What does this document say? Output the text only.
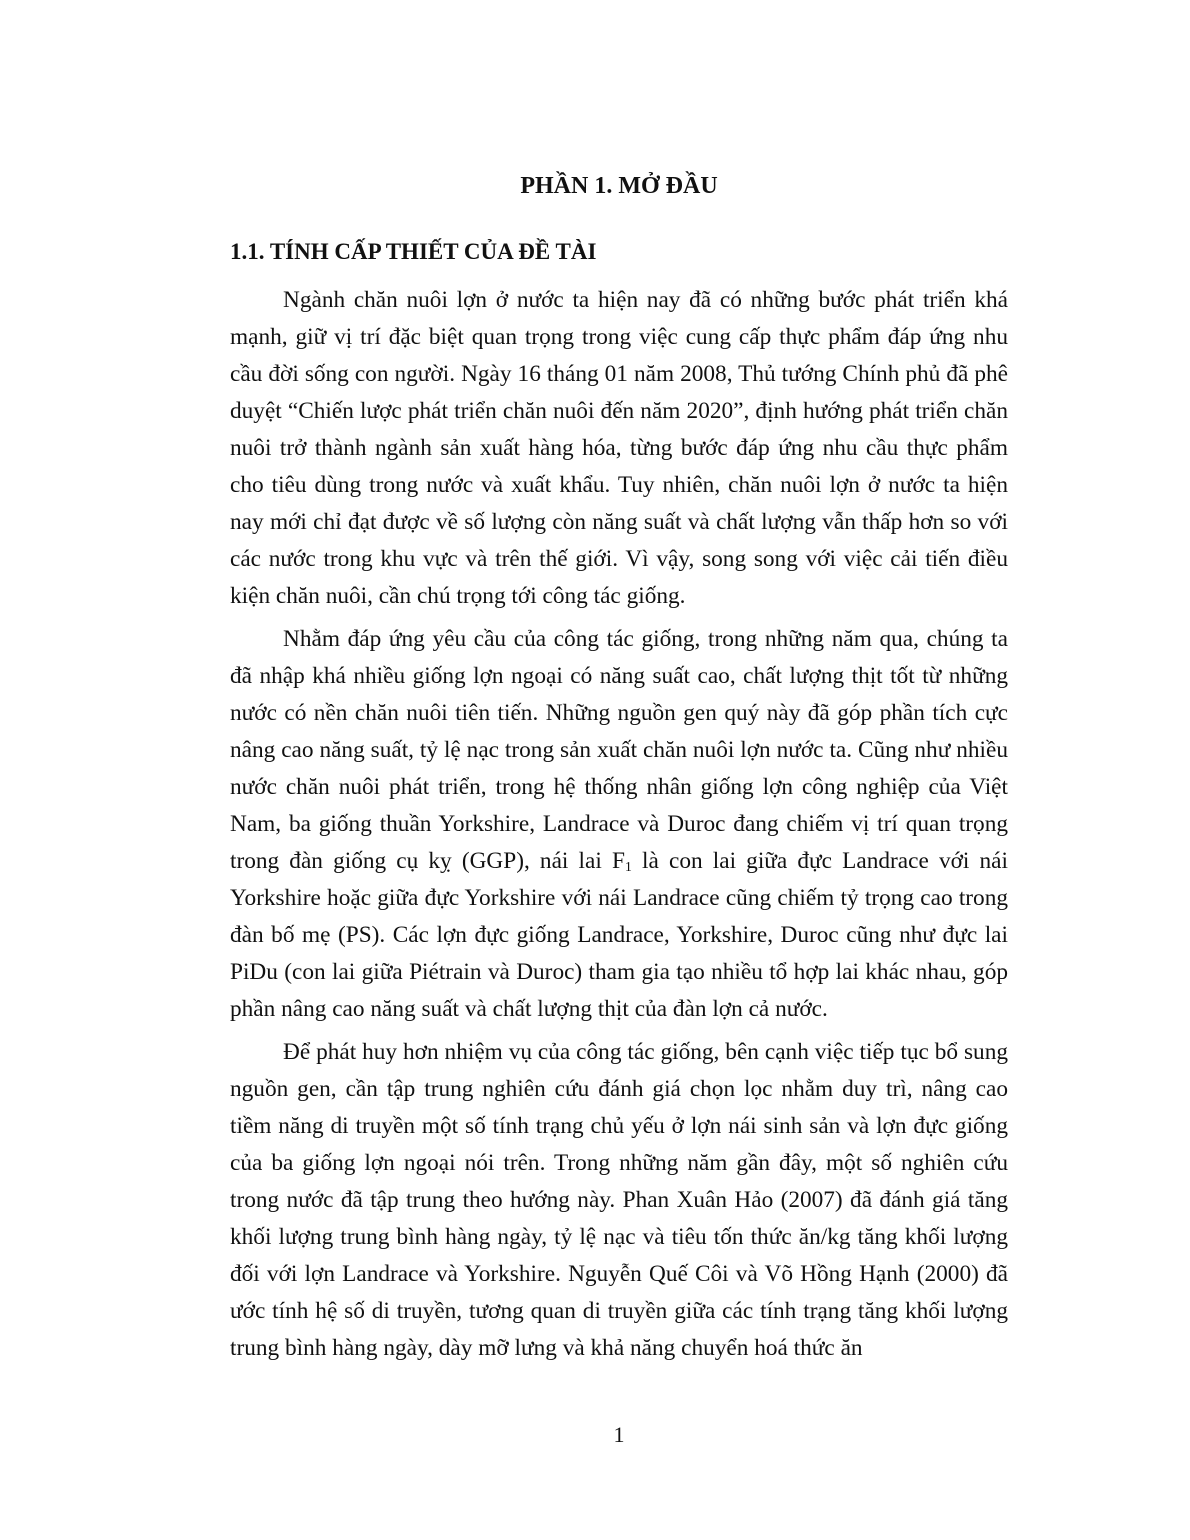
PHẦN 1. MỞ ĐẦU
1.1. TÍNH CẤP THIẾT CỦA ĐỀ TÀI

Ngành chăn nuôi lợn ở nước ta hiện nay đã có những bước phát triển khá mạnh, giữ vị trí đặc biệt quan trọng trong việc cung cấp thực phẩm đáp ứng nhu cầu đời sống con người. Ngày 16 tháng 01 năm 2008, Thủ tướng Chính phủ đã phê duyệt “Chiến lược phát triển chăn nuôi đến năm 2020”, định hướng phát triển chăn nuôi trở thành ngành sản xuất hàng hóa, từng bước đáp ứng nhu cầu thực phẩm cho tiêu dùng trong nước và xuất khẩu. Tuy nhiên, chăn nuôi lợn ở nước ta hiện nay mới chỉ đạt được về số lượng còn năng suất và chất lượng vẫn thấp hơn so với các nước trong khu vực và trên thế giới. Vì vậy, song song với việc cải tiến điều kiện chăn nuôi, cần chú trọng tới công tác giống.

Nhằm đáp ứng yêu cầu của công tác giống, trong những năm qua, chúng ta đã nhập khá nhiều giống lợn ngoại có năng suất cao, chất lượng thịt tốt từ những nước có nền chăn nuôi tiên tiến. Những nguồn gen quý này đã góp phần tích cực nâng cao năng suất, tỷ lệ nạc trong sản xuất chăn nuôi lợn nước ta. Cũng như nhiều nước chăn nuôi phát triển, trong hệ thống nhân giống lợn công nghiệp của Việt Nam, ba giống thuần Yorkshire, Landrace và Duroc đang chiếm vị trí quan trọng trong đàn giống cụ kỵ (GGP), nái lai $F_1$ là con lai giữa đực Landrace với nái Yorkshire hoặc giữa đực Yorkshire với nái Landrace cũng chiếm tỷ trọng cao trong đàn bố mẹ (PS). Các lợn đực giống Landrace, Yorkshire, Duroc cũng như đực lai PiDu (con lai giữa Piétrain và Duroc) tham gia tạo nhiều tổ hợp lai khác nhau, góp phần nâng cao năng suất và chất lượng thịt của đàn lợn cả nước.

Để phát huy hơn nhiệm vụ của công tác giống, bên cạnh việc tiếp tục bổ sung nguồn gen, cần tập trung nghiên cứu đánh giá chọn lọc nhằm duy trì, nâng cao tiềm năng di truyền một số tính trạng chủ yếu ở lợn nái sinh sản và lợn đực giống của ba giống lợn ngoại nói trên. Trong những năm gần đây, một số nghiên cứu trong nước đã tập trung theo hướng này. Phan Xuân Hảo (2007) đã đánh giá tăng khối lượng trung bình hàng ngày, tỷ lệ nạc và tiêu tốn thức ăn/kg tăng khối lượng đối với lợn Landrace và Yorkshire. Nguyễn Quế Côi và Võ Hồng Hạnh (2000) đã ước tính hệ số di truyền, tương quan di truyền giữa các tính trạng tăng khối lượng trung bình hàng ngày, dày mỡ lưng và khả năng chuyển hoá thức ăn

1
